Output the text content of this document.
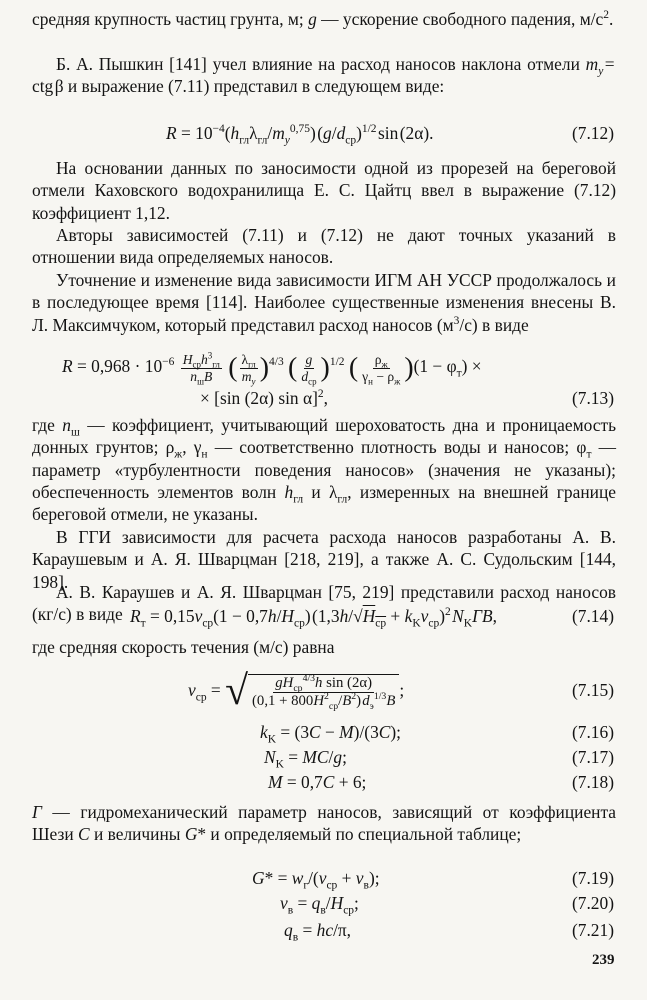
средняя крупность частиц грунта, м; g — ускорение свободного падения, $м/с^2$.

Б. А. Пышкин [141] учел влияние на расход наносов наклона отмели $m_y$ = ctg β и выражение (7.11) представил в следующем виде:

$R = 10^{-4}(h_{гл}\lambda_{гл}/m_y^{0,75})$ $(g/d_{ср})^{1/2}$ sin (2α).	(7.12)

На основании данных по заносимости одной из прорезей на береговой отмели Каховского водохранилища Е. С. Цайтц ввел в выражение (7.12) коэффициент 1,12.

Авторы зависимостей (7.11) и (7.12) не дают точных указаний в отношении вида определяемых наносов.

Уточнение и изменение вида зависимости ИГМ АН УССР продолжалось и в последующее время [114]. Наиболее существенные изменения внесены В. Л. Максимчуком, который представил расход наносов $(м^3/с)$ в виде

$R = 0,968 \cdot 10^{-6} \frac{H_{ср}h^3_{гл}}{n_шB}$ ( $\frac{\lambda_{гл}}{m_y} )^{4/3}$ ( $\frac{g}{d_{ср}} )^{1/2}$ ( $\frac{\rho_ж}{\gamma_н - \rho_ж} )(1 - \varphi_т)$ ×
× [sin (2α) sin α]$^2$,	(7.13)

где $n_ш$ — коэффициент, учитывающий шероховатость дна и проницаемость донных грунтов; $\rho_ж$, $\gamma_н$ — соответственно плотность воды и наносов; $\varphi_т$ — параметр «турбулентности поведения наносов» (значения не указаны); обеспеченность элементов волн $h_{гл}$ и $\lambda_{гл}$, измеренных на внешней границе береговой отмели, не указаны.

В ГГИ зависимости для расчета расхода наносов разработаны А. В. Караушевым и А. Я. Шварцман [218, 219], а также А. С. Судольским [144, 198].

А. В. Караушев и А. Я. Шварцман [75, 219] представили расход наносов (кг/с) в виде $R_т = 0,15v_{ср}(1 - 0,7h/H_{ср})$ $(1,3h/√H_{ср} + k_Kv_{ср})^2$ $N_KГB$,	(7.14)

где средняя скорость течения (м/с) равна

$v_{ср}$ = √ $\frac{gH_{ср}^{4/3}h \sin (2\alpha)}{(0,1 + 800H^2_{ср}/B^2) d_э^{1/3}B}$ ;	(7.15)
$k_K = (3C - M)/(3C)$;	(7.16)
$N_K = MC/g$;	(7.17)
M = 0,7C + 6;	(7.18)

Г — гидромеханический параметр наносов, зависящий от коэффициента Шези C и величины G* и определяемый по специальной таблице;

$G* = w_г/(v_{ср} + v_в)$;	(7.19)
$v_в = q_в/H_{ср}$;	(7.20)
$q_в = hc/\pi$,	(7.21)
239
